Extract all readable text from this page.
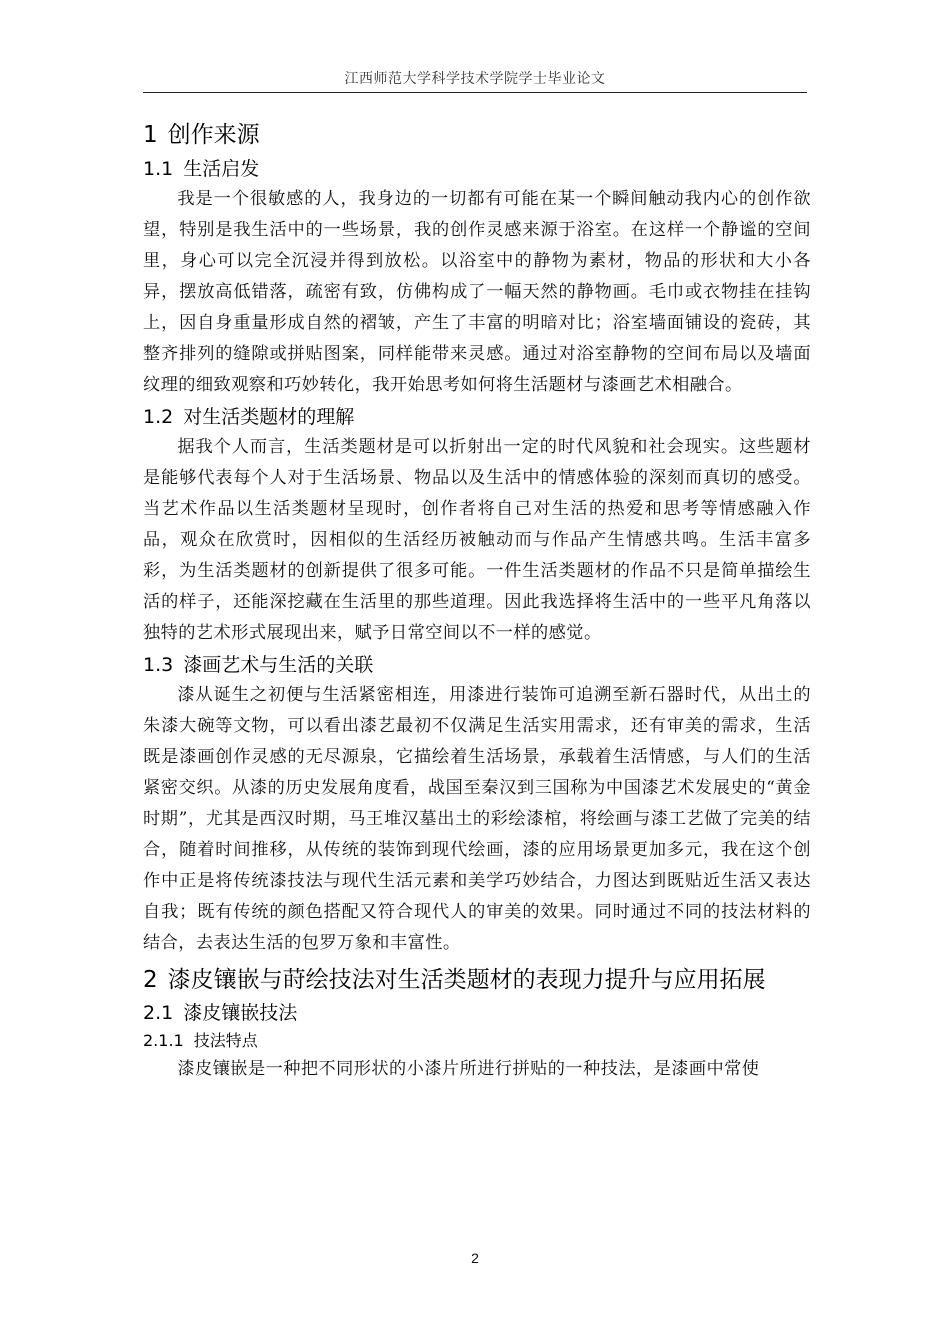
江西师范大学科学技术学院学士毕业论文
1 创作来源
1.1 生活启发

我是一个很敏感的人，我身边的一切都有可能在某一个瞬间触动我内心的创作欲望，特别是我生活中的一些场景，我的创作灵感来源于浴室。在这样一个静谧的空间里，身心可以完全沉浸并得到放松。以浴室中的静物为素材，物品的形状和大小各异，摆放高低错落，疏密有致，仿佛构成了一幅天然的静物画。毛巾或衣物挂在挂钩上，因自身重量形成自然的褶皱，产生了丰富的明暗对比；浴室墙面铺设的瓷砖，其整齐排列的缝隙或拼贴图案，同样能带来灵感。通过对浴室静物的空间布局以及墙面纹理的细致观察和巧妙转化，我开始思考如何将生活题材与漆画艺术相融合。

1.2 对生活类题材的理解

据我个人而言，生活类题材是可以折射出一定的时代风貌和社会现实。这些题材是能够代表每个人对于生活场景、物品以及生活中的情感体验的深刻而真切的感受。当艺术作品以生活类题材呈现时，创作者将自己对生活的热爱和思考等情感融入作品，观众在欣赏时，因相似的生活经历被触动而与作品产生情感共鸣。生活丰富多彩，为生活类题材的创新提供了很多可能。一件生活类题材的作品不只是简单描绘生活的样子，还能深挖藏在生活里的那些道理。因此我选择将生活中的一些平凡角落以独特的艺术形式展现出来，赋予日常空间以不一样的感觉。

1.3 漆画艺术与生活的关联

漆从诞生之初便与生活紧密相连，用漆进行装饰可追溯至新石器时代，从出土的朱漆大碗等文物，可以看出漆艺最初不仅满足生活实用需求，还有审美的需求，生活既是漆画创作灵感的无尽源泉，它描绘着生活场景，承载着生活情感，与人们的生活紧密交织。从漆的历史发展角度看，战国至秦汉到三国称为中国漆艺术发展史的“黄金时期”，尤其是西汉时期，马王堆汉墓出土的彩绘漆棺，将绘画与漆工艺做了完美的结合，随着时间推移，从传统的装饰到现代绘画，漆的应用场景更加多元，我在这个创作中正是将传统漆技法与现代生活元素和美学巧妙结合，力图达到既贴近生活又表达自我；既有传统的颜色搭配又符合现代人的审美的效果。同时通过不同的技法材料的结合，去表达生活的包罗万象和丰富性。

2 漆皮镶嵌与莳绘技法对生活类题材的表现力提升与应用拓展
2.1 漆皮镶嵌技法
2.1.1 技法特点

漆皮镶嵌是一种把不同形状的小漆片所进行拼贴的一种技法，是漆画中常使

2
